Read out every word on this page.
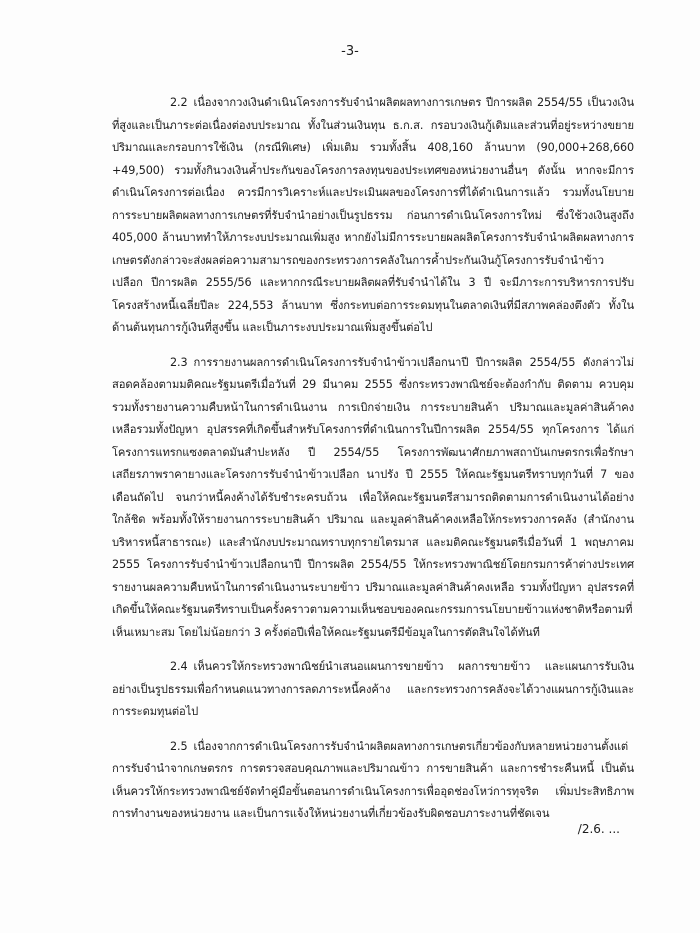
-3-

2.2 เนื่องจากวงเงินดำเนินโครงการรับจำนำผลิตผลทางการเกษตร ปีการผลิต 2554/55 เป็นวงเงิน ที่สูงและเป็นภาระต่อเนื่องต่องบประมาณ ทั้งในส่วนเงินทุน ธ.ก.ส. กรอบวงเงินกู้เดิมและส่วนที่อยู่ระหว่างขยายปริมาณและกรอบการใช้เงิน (กรณีพิเศษ) เพิ่มเติม รวมทั้งสิ้น 408,160 ล้านบาท (90,000+268,660 +49,500) รวมทั้งกินวงเงินค้ำประกันของโครงการลงทุนของประเทศของหน่วยงานอื่นๆ ดังนั้น หากจะมีการดำเนินโครงการต่อเนื่อง ควรมีการวิเคราะห์และประเมินผลของโครงการที่ได้ดำเนินการแล้ว รวมทั้งนโยบายการระบายผลิตผลทางการเกษตรที่รับจำนำอย่างเป็นรูปธรรม ก่อนการดำเนินโครงการใหม่ ซึ่งใช้วงเงินสูงถึง 405,000 ล้านบาททำให้ภาระงบประมาณเพิ่มสูง หากยังไม่มีการระบายผลผลิตโครงการรับจำนำผลิตผลทางการเกษตรดังกล่าวจะส่งผลต่อความสามารถของกระทรวงการคลังในการค้ำประกันเงินกู้โครงการรับจำนำข้าวเปลือก ปีการผลิต 2555/56 และหากกรณีระบายผลิตผลที่รับจำนำได้ใน 3 ปี จะมีภาระการบริหารการปรับโครงสร้างหนี้เฉลี่ยปีละ 224,553 ล้านบาท ซึ่งกระทบต่อการระดมทุนในตลาดเงินที่มีสภาพคล่องตึงตัว ทั้งในด้านต้นทุนการกู้เงินที่สูงขึ้น และเป็นภาระงบประมาณเพิ่มสูงขึ้นต่อไป

2.3 การรายงานผลการดำเนินโครงการรับจำนำข้าวเปลือกนาปี ปีการผลิต 2554/55 ดังกล่าวไม่สอดคล้องตามมติคณะรัฐมนตรีเมื่อวันที่ 29 มีนาคม 2555 ซึ่งกระทรวงพาณิชย์จะต้องกำกับ ติดตาม ควบคุมรวมทั้งรายงานความคืบหน้าในการดำเนินงาน การเบิกจ่ายเงิน การระบายสินค้า ปริมาณและมูลค่าสินค้าคงเหลือรวมทั้งปัญหา อุปสรรคที่เกิดขึ้นสำหรับโครงการที่ดำเนินการในปีการผลิต 2554/55 ทุกโครงการ ได้แก่ โครงการแทรกแซงตลาดมันสำปะหลัง ปี 2554/55 โครงการพัฒนาศักยภาพสถาบันเกษตรกรเพื่อรักษาเสถียรภาพราคายางและโครงการรับจำนำข้าวเปลือก นาปรัง ปี 2555 ให้คณะรัฐมนตรีทราบทุกวันที่ 7 ของเดือนถัดไป จนกว่าหนี้คงค้างได้รับชำระครบถ้วน เพื่อให้คณะรัฐมนตรีสามารถติดตามการดำเนินงานได้อย่างใกล้ชิด พร้อมทั้งให้รายงานการระบายสินค้า ปริมาณ และมูลค่าสินค้าคงเหลือให้กระทรวงการคลัง (สำนักงานบริหารหนี้สาธารณะ) และสำนักงบประมาณทราบทุกรายไตรมาส และมติคณะรัฐมนตรีเมื่อวันที่ 1 พฤษภาคม 2555 โครงการรับจำนำข้าวเปลือกนาปี ปีการผลิต 2554/55 ให้กระทรวงพาณิชย์โดยกรมการค้าต่างประเทศรายงานผลความคืบหน้าในการดำเนินงานระบายข้าว ปริมาณและมูลค่าสินค้าคงเหลือ รวมทั้งปัญหา อุปสรรคที่เกิดขึ้นให้คณะรัฐมนตรีทราบเป็นครั้งคราวตามความเห็นชอบของคณะกรรมการนโยบายข้าวแห่งชาติหรือตามที่เห็นเหมาะสม โดยไม่น้อยกว่า 3 ครั้งต่อปีเพื่อให้คณะรัฐมนตรีมีข้อมูลในการตัดสินใจได้ทันที

2.4 เห็นควรให้กระทรวงพาณิชย์นำเสนอแผนการขายข้าว ผลการขายข้าว และแผนการรับเงินอย่างเป็นรูปธรรมเพื่อกำหนดแนวทางการลดภาระหนี้คงค้าง และกระทรวงการคลังจะได้วางแผนการกู้เงินและการระดมทุนต่อไป

2.5 เนื่องจากการดำเนินโครงการรับจำนำผลิตผลทางการเกษตรเกี่ยวข้องกับหลายหน่วยงานตั้งแต่การรับจำนำจากเกษตรกร การตรวจสอบคุณภาพและปริมาณข้าว การขายสินค้า และการชำระคืนหนี้ เป็นต้น เห็นควรให้กระทรวงพาณิชย์จัดทำคู่มือขั้นตอนการดำเนินโครงการเพื่ออุดช่องโหว่การทุจริต เพิ่มประสิทธิภาพการทำงานของหน่วยงาน และเป็นการแจ้งให้หน่วยงานที่เกี่ยวข้องรับผิดชอบภาระงานที่ชัดเจน

/2.6. ...
